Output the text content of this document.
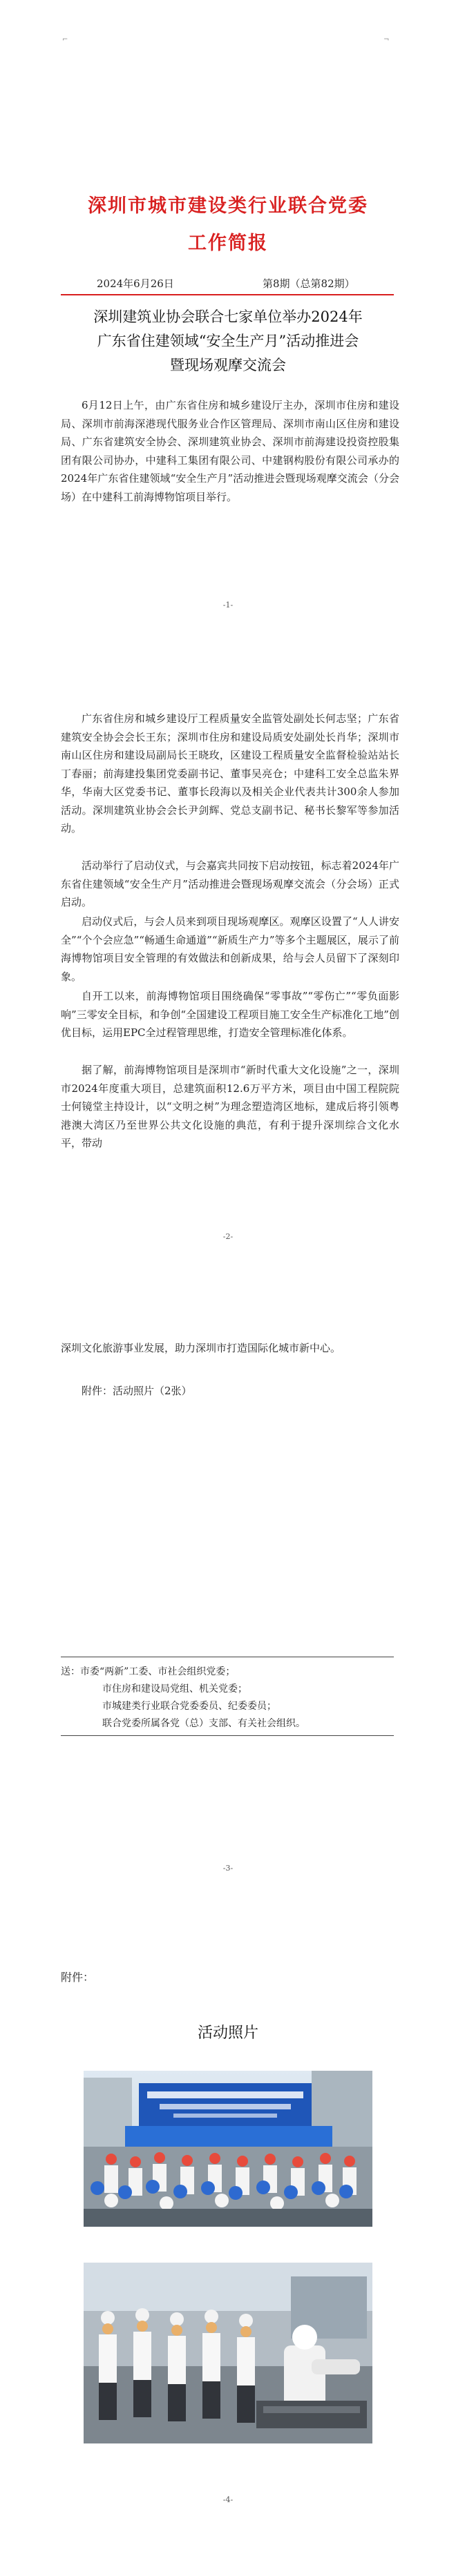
⌐	¬
深圳市城市建设类行业联合党委
工作简报
2024年6月26日	第8期（总第82期）
深圳建筑业协会联合七家单位举办2024年
广东省住建领域“安全生产月”活动推进会
暨现场观摩交流会

6月12日上午，由广东省住房和城乡建设厅主办，深圳市住房和建设局、深圳市前海深港现代服务业合作区管理局、深圳市南山区住房和建设局、广东省建筑安全协会、深圳建筑业协会、深圳市前海建设投资控股集团有限公司协办，中建科工集团有限公司、中建钢构股份有限公司承办的2024年广东省住建领域“安全生产月”活动推进会暨现场观摩交流会（分会场）在中建科工前海博物馆项目举行。

-1-

广东省住房和城乡建设厅工程质量安全监管处副处长何志坚；广东省建筑安全协会会长王东；深圳市住房和建设局质安处副处长肖华；深圳市南山区住房和建设局副局长王晓玫，区建设工程质量安全监督检验站站长丁春丽；前海建投集团党委副书记、董事吴亮仓；中建科工安全总监朱界华，华南大区党委书记、董事长段海以及相关企业代表共计300余人参加活动。深圳建筑业协会会长尹剑辉、党总支副书记、秘书长黎军等参加活动。

活动举行了启动仪式，与会嘉宾共同按下启动按钮，标志着2024年广东省住建领域“安全生产月”活动推进会暨现场观摩交流会（分会场）正式启动。

启动仪式后，与会人员来到项目现场观摩区。观摩区设置了“人人讲安全”“个个会应急”“畅通生命通道”“新质生产力”等多个主题展区，展示了前海博物馆项目安全管理的有效做法和创新成果，给与会人员留下了深刻印象。

自开工以来，前海博物馆项目围绕确保“零事故”“零伤亡”“零负面影响”三零安全目标，和争创“全国建设工程项目施工安全生产标准化工地”创优目标，运用EPC全过程管理思维，打造安全管理标准化体系。

据了解，前海博物馆项目是深圳市“新时代重大文化设施”之一，深圳市2024年度重大项目，总建筑面积12.6万平方米，项目由中国工程院院士何镜堂主持设计，以“文明之树”为理念塑造湾区地标，建成后将引领粤港澳大湾区乃至世界公共文化设施的典范，有利于提升深圳综合文化水平，带动

-2-

深圳文化旅游事业发展，助力深圳市打造国际化城市新中心。

附件：活动照片（2张）

送：市委“两新”工委、市社会组织党委；
市住房和建设局党组、机关党委；
市城建类行业联合党委委员、纪委委员；
联合党委所属各党（总）支部、有关社会组织。
-3-
附件：
活动照片
-4-
